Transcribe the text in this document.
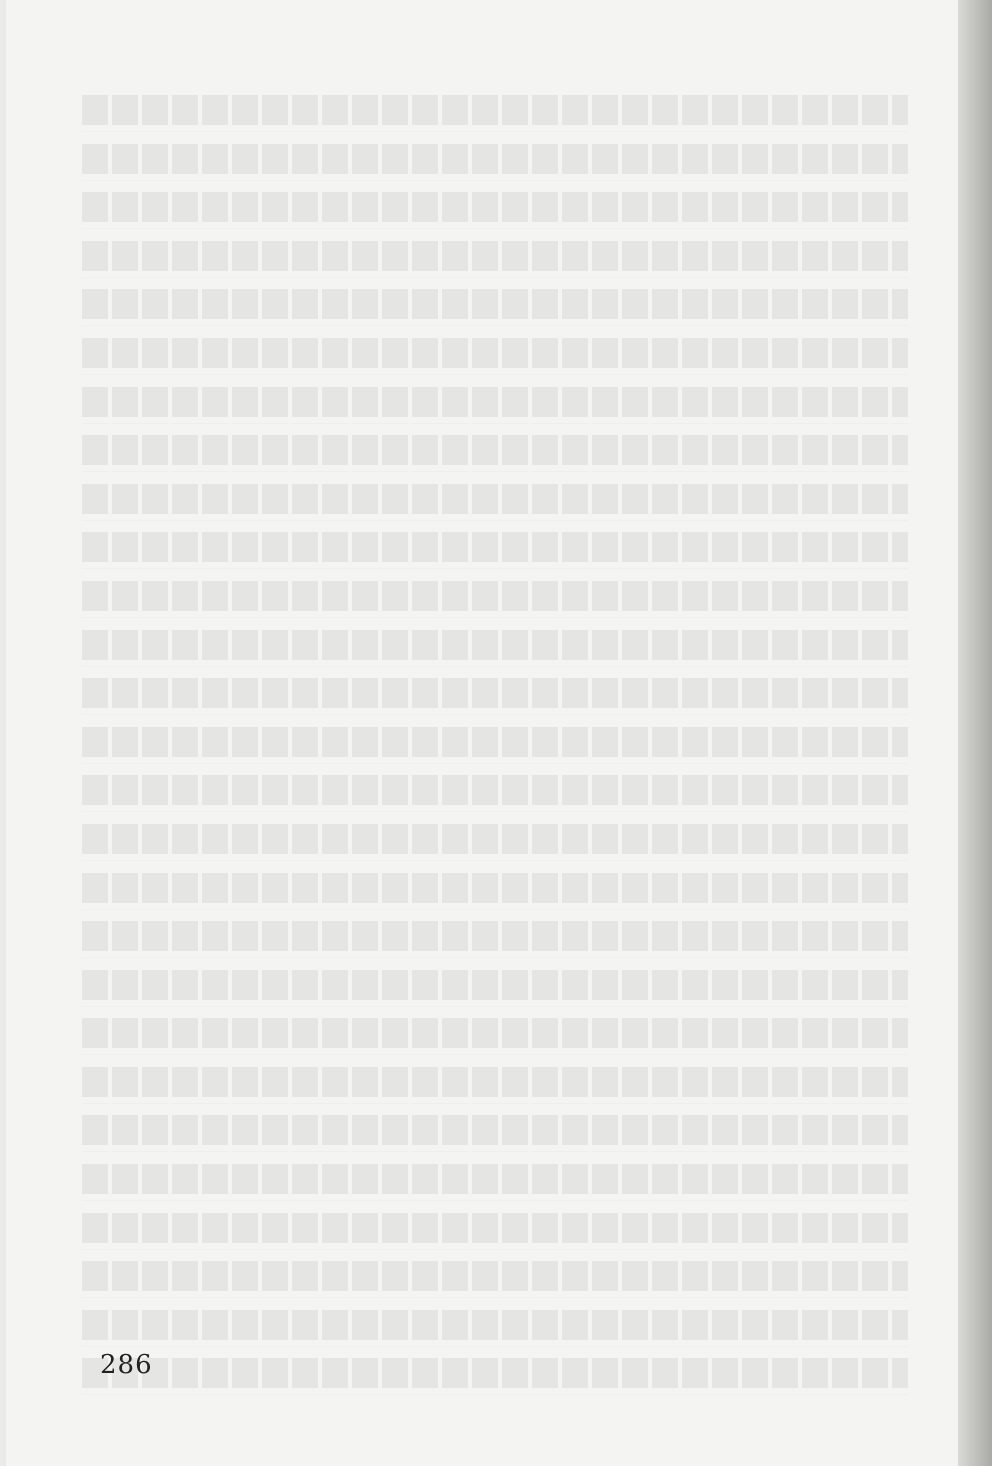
286
